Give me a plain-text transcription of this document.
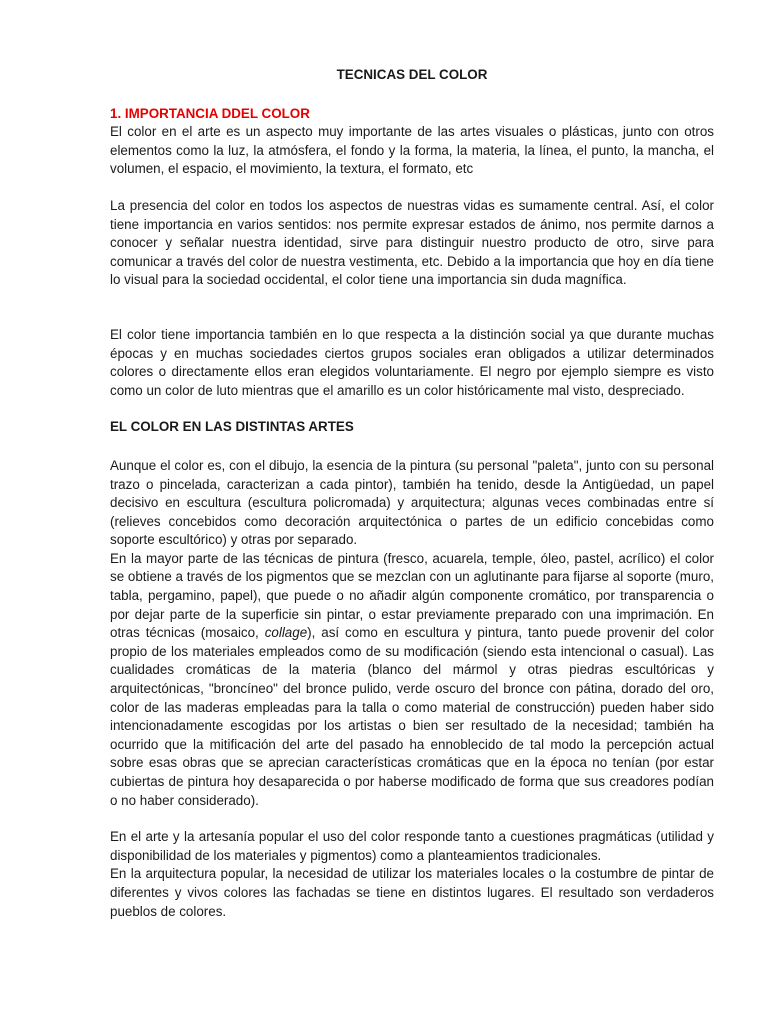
TECNICAS DEL COLOR
1. IMPORTANCIA DDEL COLOR

El color en el arte es un aspecto muy importante de las artes visuales o plásticas, junto con otros elementos como la luz, la atmósfera, el fondo y la forma, la materia, la línea, el punto, la mancha, el volumen, el espacio, el movimiento, la textura, el formato, etc

La presencia del color en todos los aspectos de nuestras vidas es sumamente central. Así, el color tiene importancia en varios sentidos: nos permite expresar estados de ánimo, nos permite darnos a conocer y señalar nuestra identidad, sirve para distinguir nuestro producto de otro, sirve para comunicar a través del color de nuestra vestimenta, etc. Debido a la importancia que hoy en día tiene lo visual para la sociedad occidental, el color tiene una importancia sin duda magnífica.

El color tiene importancia también en lo que respecta a la distinción social ya que durante muchas épocas y en muchas sociedades ciertos grupos sociales eran obligados a utilizar determinados colores o directamente ellos eran elegidos voluntariamente. El negro por ejemplo siempre es visto como un color de luto mientras que el amarillo es un color históricamente mal visto, despreciado.

EL COLOR EN LAS DISTINTAS ARTES

Aunque el color es, con el dibujo, la esencia de la pintura (su personal "paleta", junto con su personal trazo o pincelada, caracterizan a cada pintor), también ha tenido, desde la Antigüedad, un papel decisivo en escultura (escultura policromada) y arquitectura; algunas veces combinadas entre sí (relieves concebidos como decoración arquitectónica o partes de un edificio concebidas como soporte escultórico) y otras por separado.

En la mayor parte de las técnicas de pintura (fresco, acuarela, temple, óleo, pastel, acrílico) el color se obtiene a través de los pigmentos que se mezclan con un aglutinante para fijarse al soporte (muro, tabla, pergamino, papel), que puede o no añadir algún componente cromático, por transparencia o por dejar parte de la superficie sin pintar, o estar previamente preparado con una imprimación. En otras técnicas (mosaico, collage), así como en escultura y pintura, tanto puede provenir del color propio de los materiales empleados como de su modificación (siendo esta intencional o casual). Las cualidades cromáticas de la materia (blanco del mármol y otras piedras escultóricas y arquitectónicas, "broncíneo" del bronce pulido, verde oscuro del bronce con pátina, dorado del oro, color de las maderas empleadas para la talla o como material de construcción) pueden haber sido intencionadamente escogidas por los artistas o bien ser resultado de la necesidad; también ha ocurrido que la mitificación del arte del pasado ha ennoblecido de tal modo la percepción actual sobre esas obras que se aprecian características cromáticas que en la época no tenían (por estar cubiertas de pintura hoy desaparecida o por haberse modificado de forma que sus creadores podían o no haber considerado).

En el arte y la artesanía popular el uso del color responde tanto a cuestiones pragmáticas (utilidad y disponibilidad de los materiales y pigmentos) como a planteamientos tradicionales.

En la arquitectura popular, la necesidad de utilizar los materiales locales o la costumbre de pintar de diferentes y vivos colores las fachadas se tiene en distintos lugares. El resultado son verdaderos pueblos de colores.
